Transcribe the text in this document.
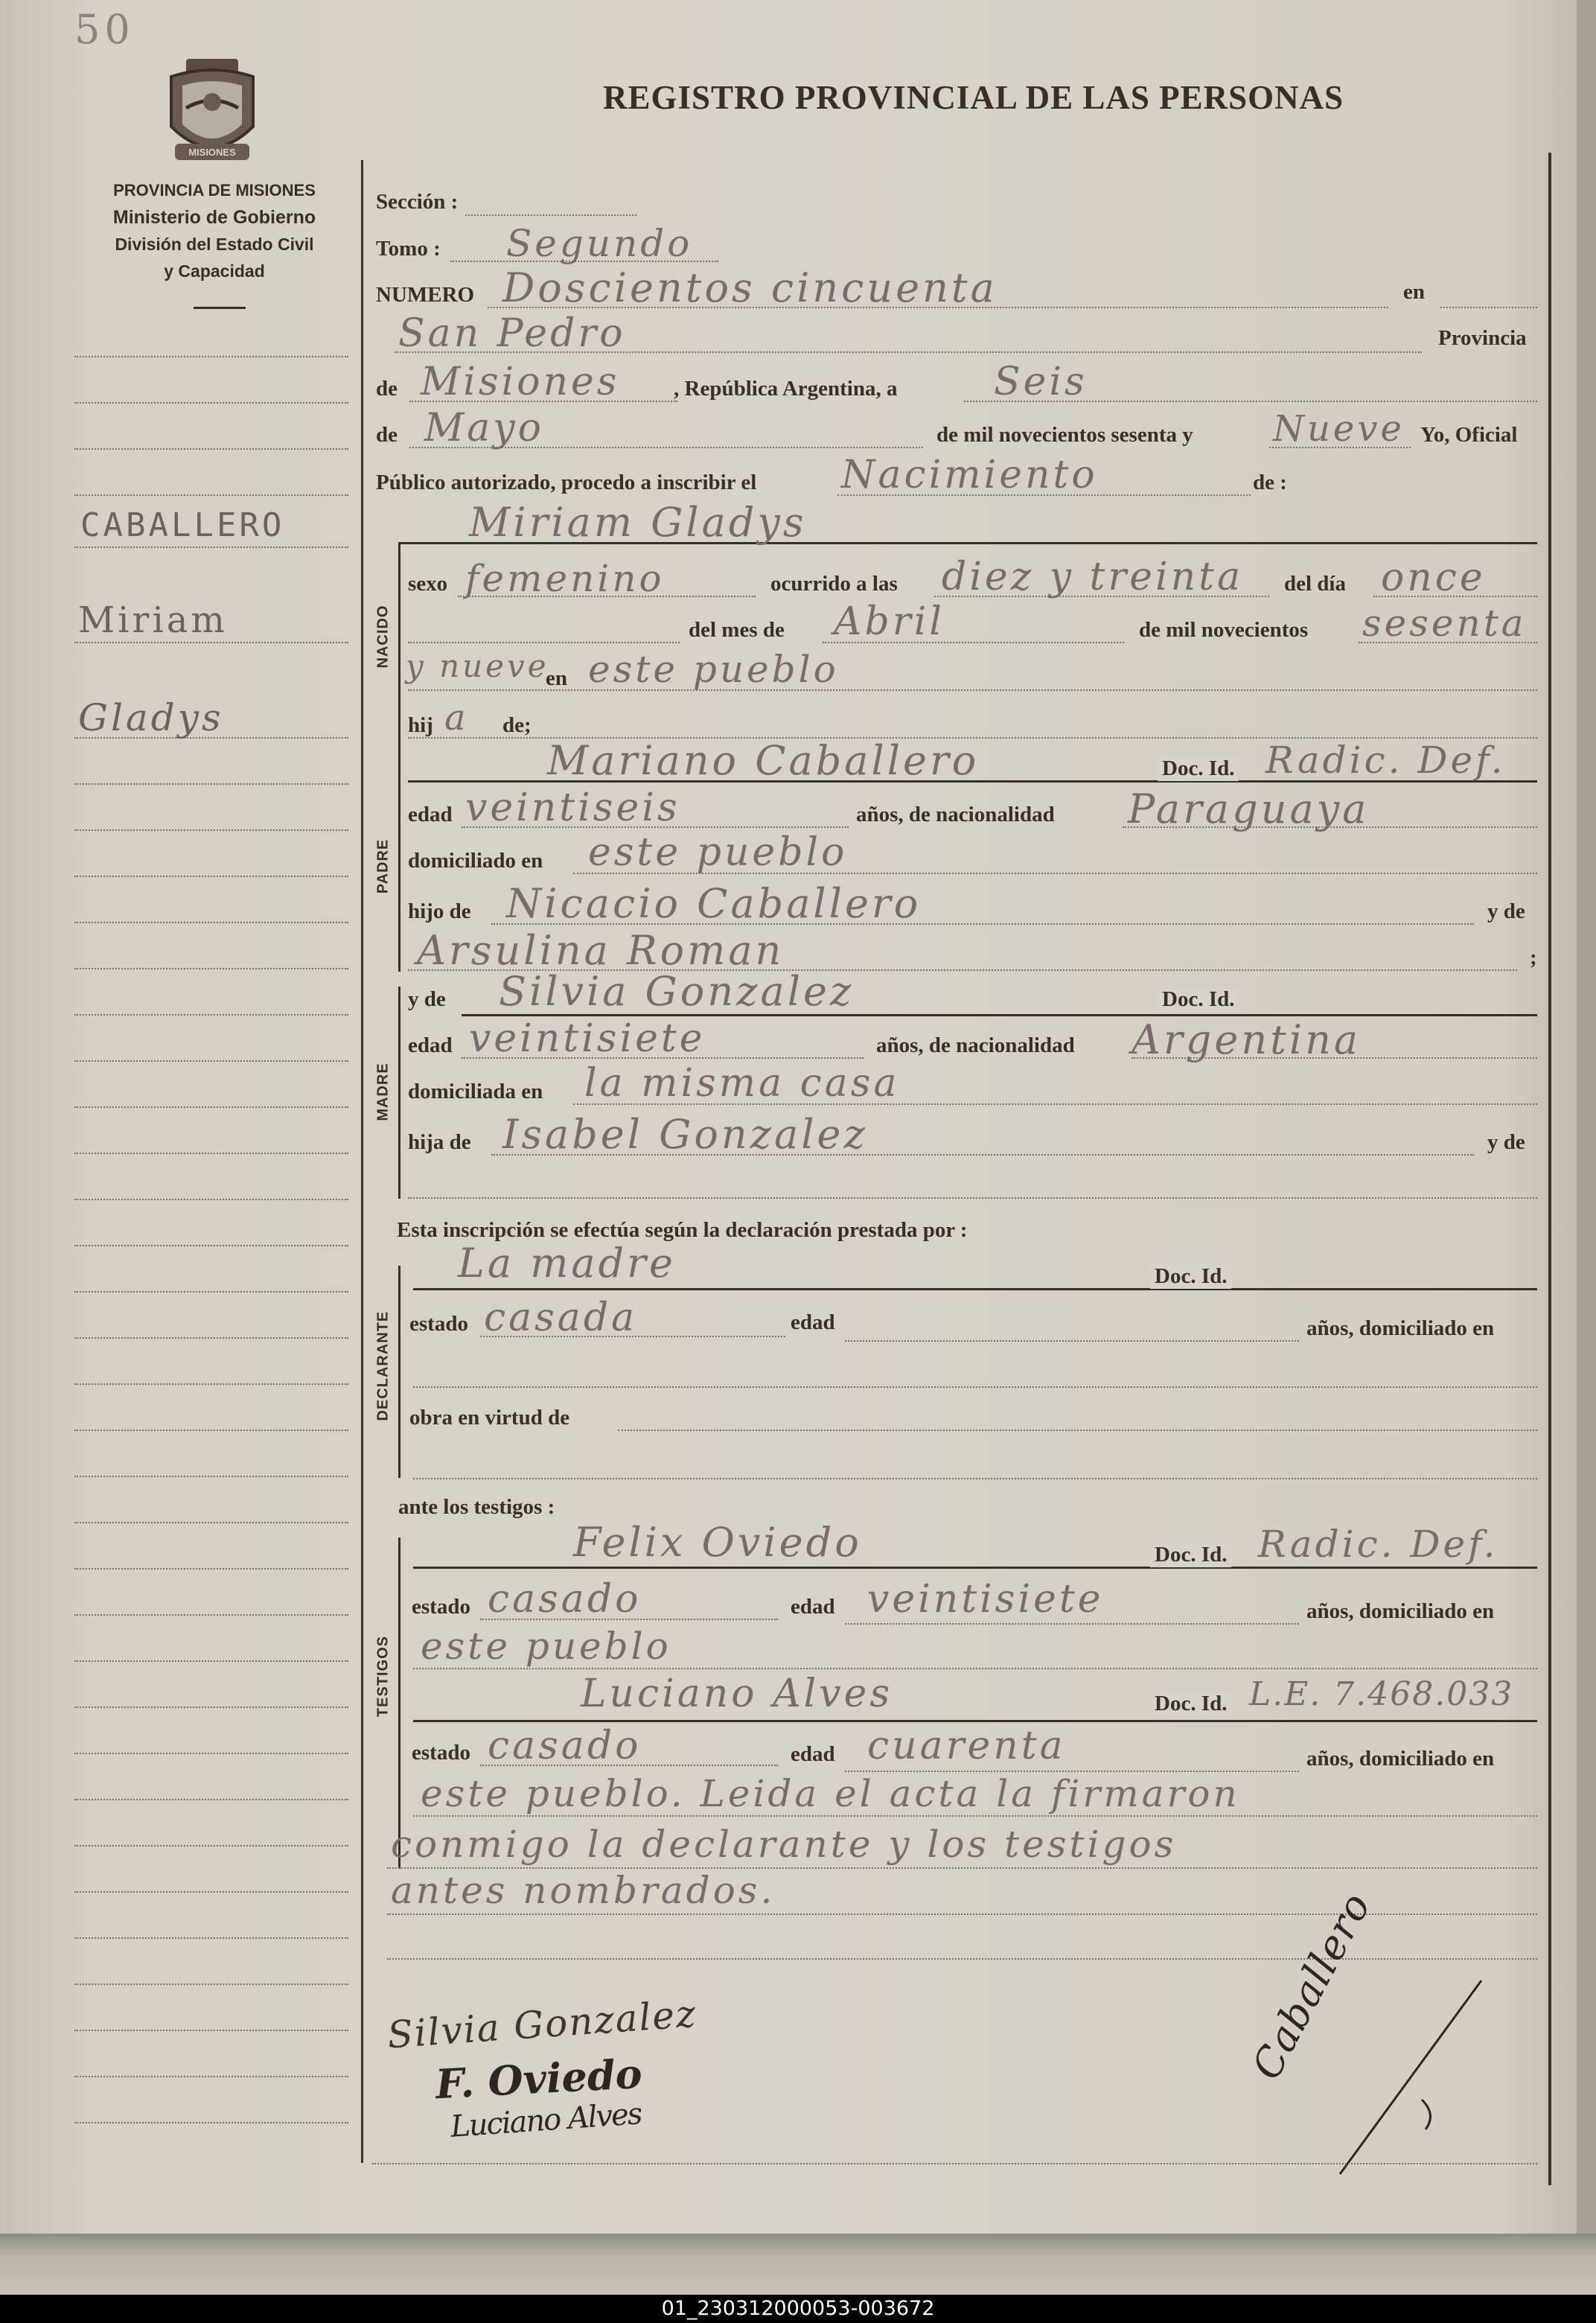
50
MISIONES
PROVINCIA DE MISIONES
Ministerio de Gobierno
División del Estado Civil
y Capacidad
REGISTRO PROVINCIAL DE LAS PERSONAS
CABALLERO
Miriam
Gladys
Sección :
Tomo : Segundo
NUMERO Doscientos cincuenta	en
San Pedro	Provincia
de Misiones	, República Argentina, a Seis
de Mayo	de mil novecientos sesenta y Nueve Yo, Oficial
Público autorizado, procedo a inscribir el Nacimiento	de :
Miriam Gladys
NACIDO
sexo femenino	ocurrido a las diez y treinta del día once
del mes de Abril	de mil novecientos sesenta
y nueve
en este pueblo
hij a de;
PADRE
Mariano Caballero	Doc. Id. Radic. Def.
edad veintiseis	años, de nacionalidad Paraguaya
domiciliado en este pueblo
hijo de Nicacio Caballero	y de
Arsulina Roman	;
MADRE
y de Silvia Gonzalez	Doc. Id.
edad veintisiete	años, de nacionalidad Argentina
domiciliada en la misma casa
hija de Isabel Gonzalez	y de
Esta inscripción se efectúa según la declaración prestada por :
DECLARANTE
La madre	Doc. Id.
estado casada	edad	años, domiciliado en
obra en virtud de
ante los testigos :
TESTIGOS
Felix Oviedo	Doc. Id. Radic. Def.
estado casado	edad veintisiete	años, domiciliado en
este pueblo
Luciano Alves	Doc. Id. L.E. 7.468.033
estado casado	edad cuarenta	años, domiciliado en
este pueblo. Leida el acta la firmaron
conmigo la declarante y los testigos
antes nombrados.
Silvia Gonzalez
F. Oviedo
Luciano Alves
Caballero
01_230312000053-003672
